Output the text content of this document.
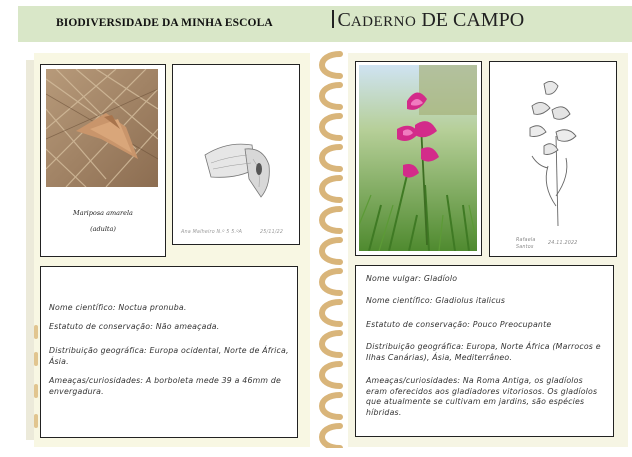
BIODIVERSIDADE DA MINHA ESCOLA	CADERNO DE CAMPO
Mariposa amarela
(adulta)	Ana Malheiro N.º 5 5.ºA	25/11/22
Nome científico: Noctua pronuba.
Estatuto de conservação: Não ameaçada.
Distribuição geográfica: Europa ocidental, Norte de África, Ásia.
Ameaças/curiosidades: A borboleta mede 39 a 46mm de envergadura.
Rafaela
Santos
24.11.2022
Nome vulgar: Gladíolo
Nome científico: Gladiolus italicus
Estatuto de conservação: Pouco Preocupante
Distribuição geográfica: Europa, Norte África (Marrocos e Ilhas Canárias), Ásia, Mediterrâneo.
Ameaças/curiosidades: Na Roma Antiga, os gladíolos eram oferecidos aos gladiadores vitoriosos. Os gladíolos que atualmente se cultivam em jardins, são espécies híbridas.
